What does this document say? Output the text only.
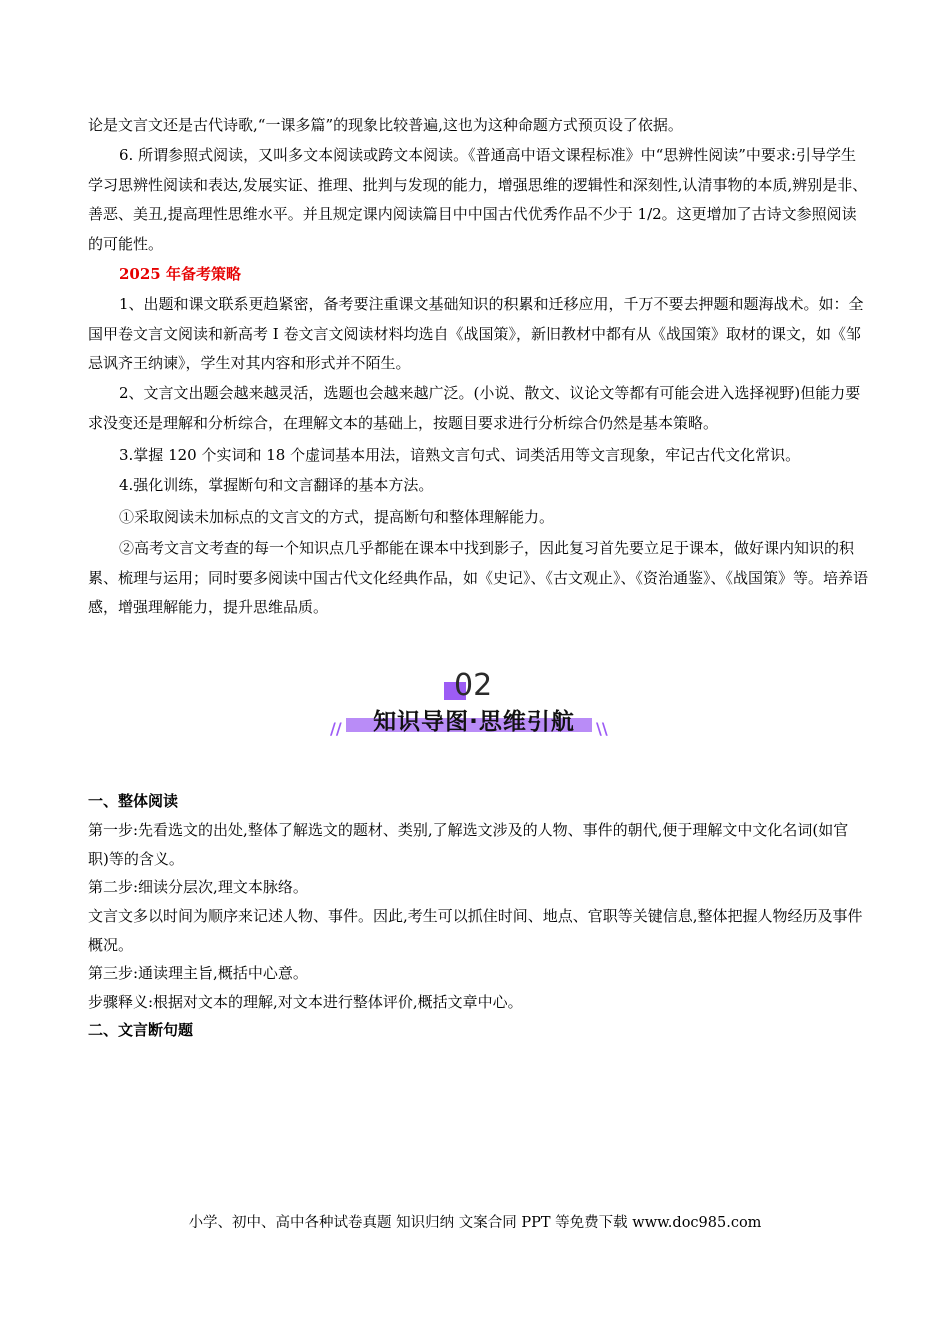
论是文言文还是古代诗歌,“一课多篇”的现象比较普遍,这也为这种命题方式预页设了依据。

6. 所谓参照式阅读，又叫多文本阅读或跨文本阅读。《普通高中语文课程标准》中“思辨性阅读”中要求:引导学生学习思辨性阅读和表达,发展实证、推理、批判与发现的能力，增强思维的逻辑性和深刻性,认清事物的本质,辨别是非、善恶、美丑,提高理性思维水平。并且规定课内阅读篇目中中国古代优秀作品不少于 1/2。这更增加了古诗文参照阅读的可能性。

2025 年备考策略

1、出题和课文联系更趋紧密，备考要注重课文基础知识的积累和迁移应用，千万不要去押题和题海战术。如：全国甲卷文言文阅读和新高考 I 卷文言文阅读材料均选自《战国策》，新旧教材中都有从《战国策》取材的课文，如《邹忌讽齐王纳谏》，学生对其内容和形式并不陌生。

2、文言文出题会越来越灵活，选题也会越来越广泛。(小说、散文、议论文等都有可能会进入选择视野)但能力要求没变还是理解和分析综合，在理解文本的基础上，按题目要求进行分析综合仍然是基本策略。

3.掌握 120 个实词和 18 个虚词基本用法，谙熟文言句式、词类活用等文言现象，牢记古代文化常识。

4.强化训练，掌握断句和文言翻译的基本方法。

①采取阅读未加标点的文言文的方式，提高断句和整体理解能力。

②高考文言文考查的每一个知识点几乎都能在课本中找到影子，因此复习首先要立足于课本，做好课内知识的积累、梳理与运用；同时要多阅读中国古代文化经典作品，如《史记》、《古文观止》、《资治通鉴》、《战国策》等。培养语感，增强理解能力，提升思维品质。

02
//	知识导图·思维引航	\\

一、整体阅读

第一步:先看选文的出处,整体了解选文的题材、类别,了解选文涉及的人物、事件的朝代,便于理解文中文化名词(如官职)等的含义。

第二步:细读分层次,理文本脉络。

文言文多以时间为顺序来记述人物、事件。因此,考生可以抓住时间、地点、官职等关键信息,整体把握人物经历及事件概况。

第三步:通读理主旨,概括中心意。

步骤释义:根据对文本的理解,对文本进行整体评价,概括文章中心。

二、文言断句题

小学、初中、高中各种试卷真题 知识归纳 文案合同 PPT 等免费下载 www.doc985.com
